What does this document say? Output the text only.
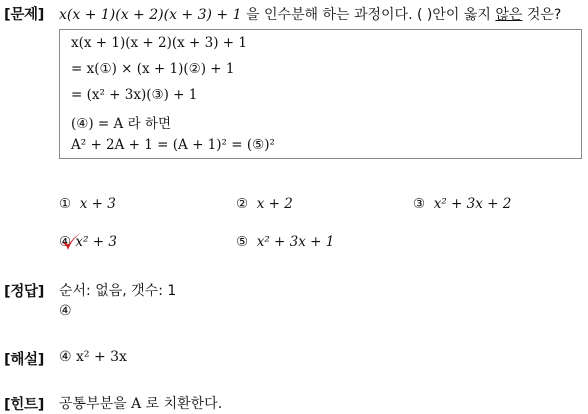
[문제] x(x + 1)(x + 2)(x + 3) + 1 을 인수분해 하는 과정이다. ( )안이 옳지 않은 것은?
x(x + 1)(x + 2)(x + 3) + 1
= x(①) × (x + 1)(②) + 1
= (x² + 3x)(③) + 1
(④) = A 라 하면
A² + 2A + 1 = (A + 1)² = (⑤)²
① x + 3	② x + 2	③ x² + 3x + 2
④ x² + 3	⑤ x² + 3x + 1
[정답] 순서: 없음, 갯수: 1
④
[해설] ④ x² + 3x
[힌트] 공통부분을 A 로 치환한다.
